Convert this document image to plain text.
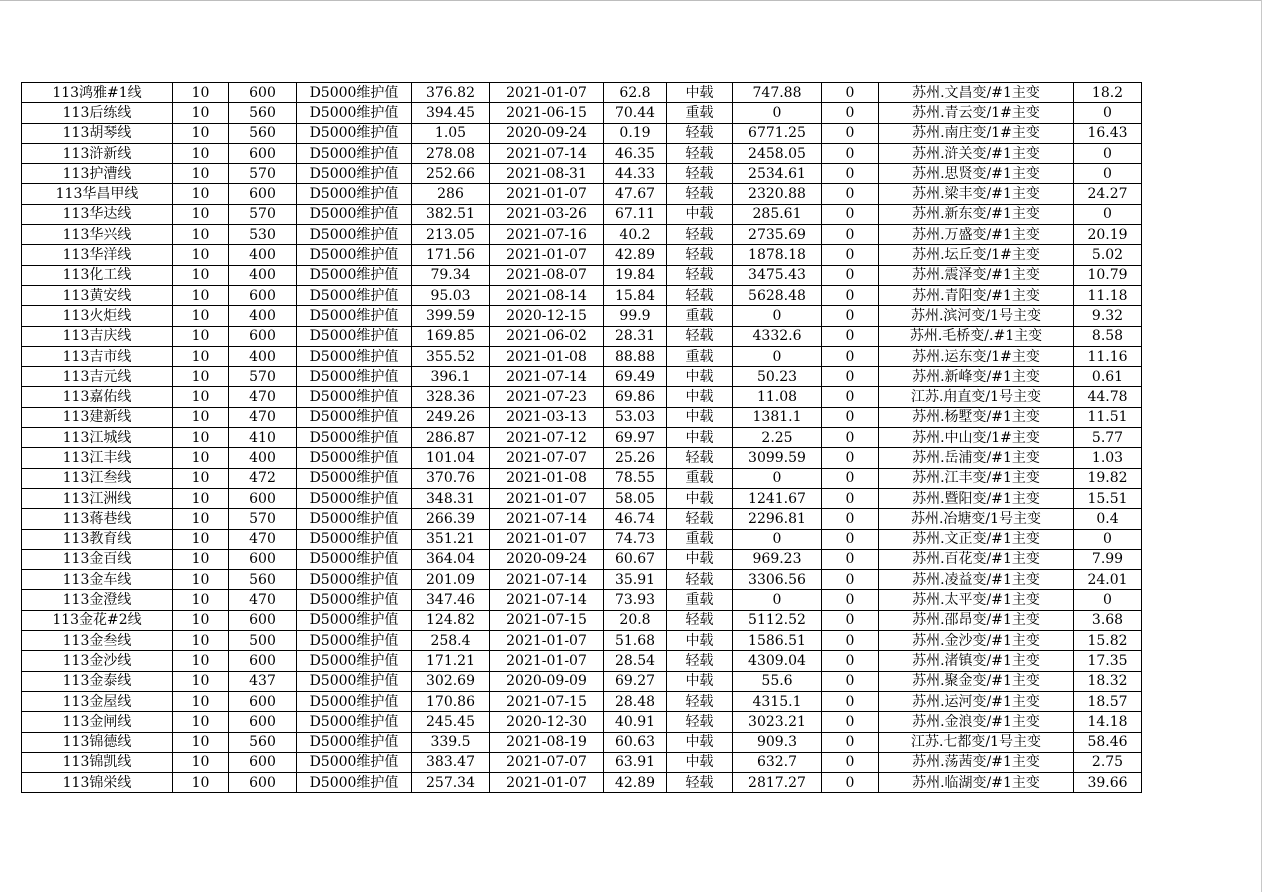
113鸿雅#1线	10	600	D5000维护值	376.82	2021-01-07	62.8	中载	747.88	0	苏州.文昌变/#1主变	18.2
113后练线	10	560	D5000维护值	394.45	2021-06-15	70.44	重载	0	0	苏州.青云变/1#主变	0
113胡琴线	10	560	D5000维护值	1.05	2020-09-24	0.19	轻载	6771.25	0	苏州.南庄变/1#主变	16.43
113浒新线	10	600	D5000维护值	278.08	2021-07-14	46.35	轻载	2458.05	0	苏州.浒关变/#1主变	0
113护漕线	10	570	D5000维护值	252.66	2021-08-31	44.33	轻载	2534.61	0	苏州.思贤变/#1主变	0
113华昌甲线	10	600	D5000维护值	286	2021-01-07	47.67	轻载	2320.88	0	苏州.梁丰变/#1主变	24.27
113华达线	10	570	D5000维护值	382.51	2021-03-26	67.11	中载	285.61	0	苏州.新东变/#1主变	0
113华兴线	10	530	D5000维护值	213.05	2021-07-16	40.2	轻载	2735.69	0	苏州.万盛变/#1主变	20.19
113华洋线	10	400	D5000维护值	171.56	2021-01-07	42.89	轻载	1878.18	0	苏州.坛丘变/1#主变	5.02
113化工线	10	400	D5000维护值	79.34	2021-08-07	19.84	轻载	3475.43	0	苏州.震泽变/#1主变	10.79
113黄安线	10	600	D5000维护值	95.03	2021-08-14	15.84	轻载	5628.48	0	苏州.青阳变/#1主变	11.18
113火炬线	10	400	D5000维护值	399.59	2020-12-15	99.9	重载	0	0	苏州.滨河变/1号主变	9.32
113吉庆线	10	600	D5000维护值	169.85	2021-06-02	28.31	轻载	4332.6	0	苏州.毛桥变/.#1主变	8.58
113吉市线	10	400	D5000维护值	355.52	2021-01-08	88.88	重载	0	0	苏州.运东变/1#主变	11.16
113吉元线	10	570	D5000维护值	396.1	2021-07-14	69.49	中载	50.23	0	苏州.新峰变/#1主变	0.61
113嘉佑线	10	470	D5000维护值	328.36	2021-07-23	69.86	中载	11.08	0	江苏.甪直变/1号主变	44.78
113建新线	10	470	D5000维护值	249.26	2021-03-13	53.03	中载	1381.1	0	苏州.杨墅变/#1主变	11.51
113江城线	10	410	D5000维护值	286.87	2021-07-12	69.97	中载	2.25	0	苏州.中山变/1#主变	5.77
113江丰线	10	400	D5000维护值	101.04	2021-07-07	25.26	轻载	3099.59	0	苏州.岳浦变/#1主变	1.03
113江叁线	10	472	D5000维护值	370.76	2021-01-08	78.55	重载	0	0	苏州.江丰变/#1主变	19.82
113江洲线	10	600	D5000维护值	348.31	2021-01-07	58.05	中载	1241.67	0	苏州.暨阳变/#1主变	15.51
113蒋巷线	10	570	D5000维护值	266.39	2021-07-14	46.74	轻载	2296.81	0	苏州.冶塘变/1号主变	0.4
113教育线	10	470	D5000维护值	351.21	2021-01-07	74.73	重载	0	0	苏州.文正变/#1主变	0
113金百线	10	600	D5000维护值	364.04	2020-09-24	60.67	中载	969.23	0	苏州.百花变/#1主变	7.99
113金车线	10	560	D5000维护值	201.09	2021-07-14	35.91	轻载	3306.56	0	苏州.凌益变/#1主变	24.01
113金澄线	10	470	D5000维护值	347.46	2021-07-14	73.93	重载	0	0	苏州.太平变/#1主变	0
113金花#2线	10	600	D5000维护值	124.82	2021-07-15	20.8	轻载	5112.52	0	苏州.邵昂变/#1主变	3.68
113金叁线	10	500	D5000维护值	258.4	2021-01-07	51.68	中载	1586.51	0	苏州.金沙变/#1主变	15.82
113金沙线	10	600	D5000维护值	171.21	2021-01-07	28.54	轻载	4309.04	0	苏州.渚镇变/#1主变	17.35
113金泰线	10	437	D5000维护值	302.69	2020-09-09	69.27	中载	55.6	0	苏州.聚金变/#1主变	18.32
113金屋线	10	600	D5000维护值	170.86	2021-07-15	28.48	轻载	4315.1	0	苏州.运河变/#1主变	18.57
113金闸线	10	600	D5000维护值	245.45	2020-12-30	40.91	轻载	3023.21	0	苏州.金浪变/#1主变	14.18
113锦德线	10	560	D5000维护值	339.5	2021-08-19	60.63	中载	909.3	0	江苏.七都变/1号主变	58.46
113锦凯线	10	600	D5000维护值	383.47	2021-07-07	63.91	中载	632.7	0	苏州.荡茜变/#1主变	2.75
113锦栄线	10	600	D5000维护值	257.34	2021-01-07	42.89	轻载	2817.27	0	苏州.临湖变/#1主变	39.66
